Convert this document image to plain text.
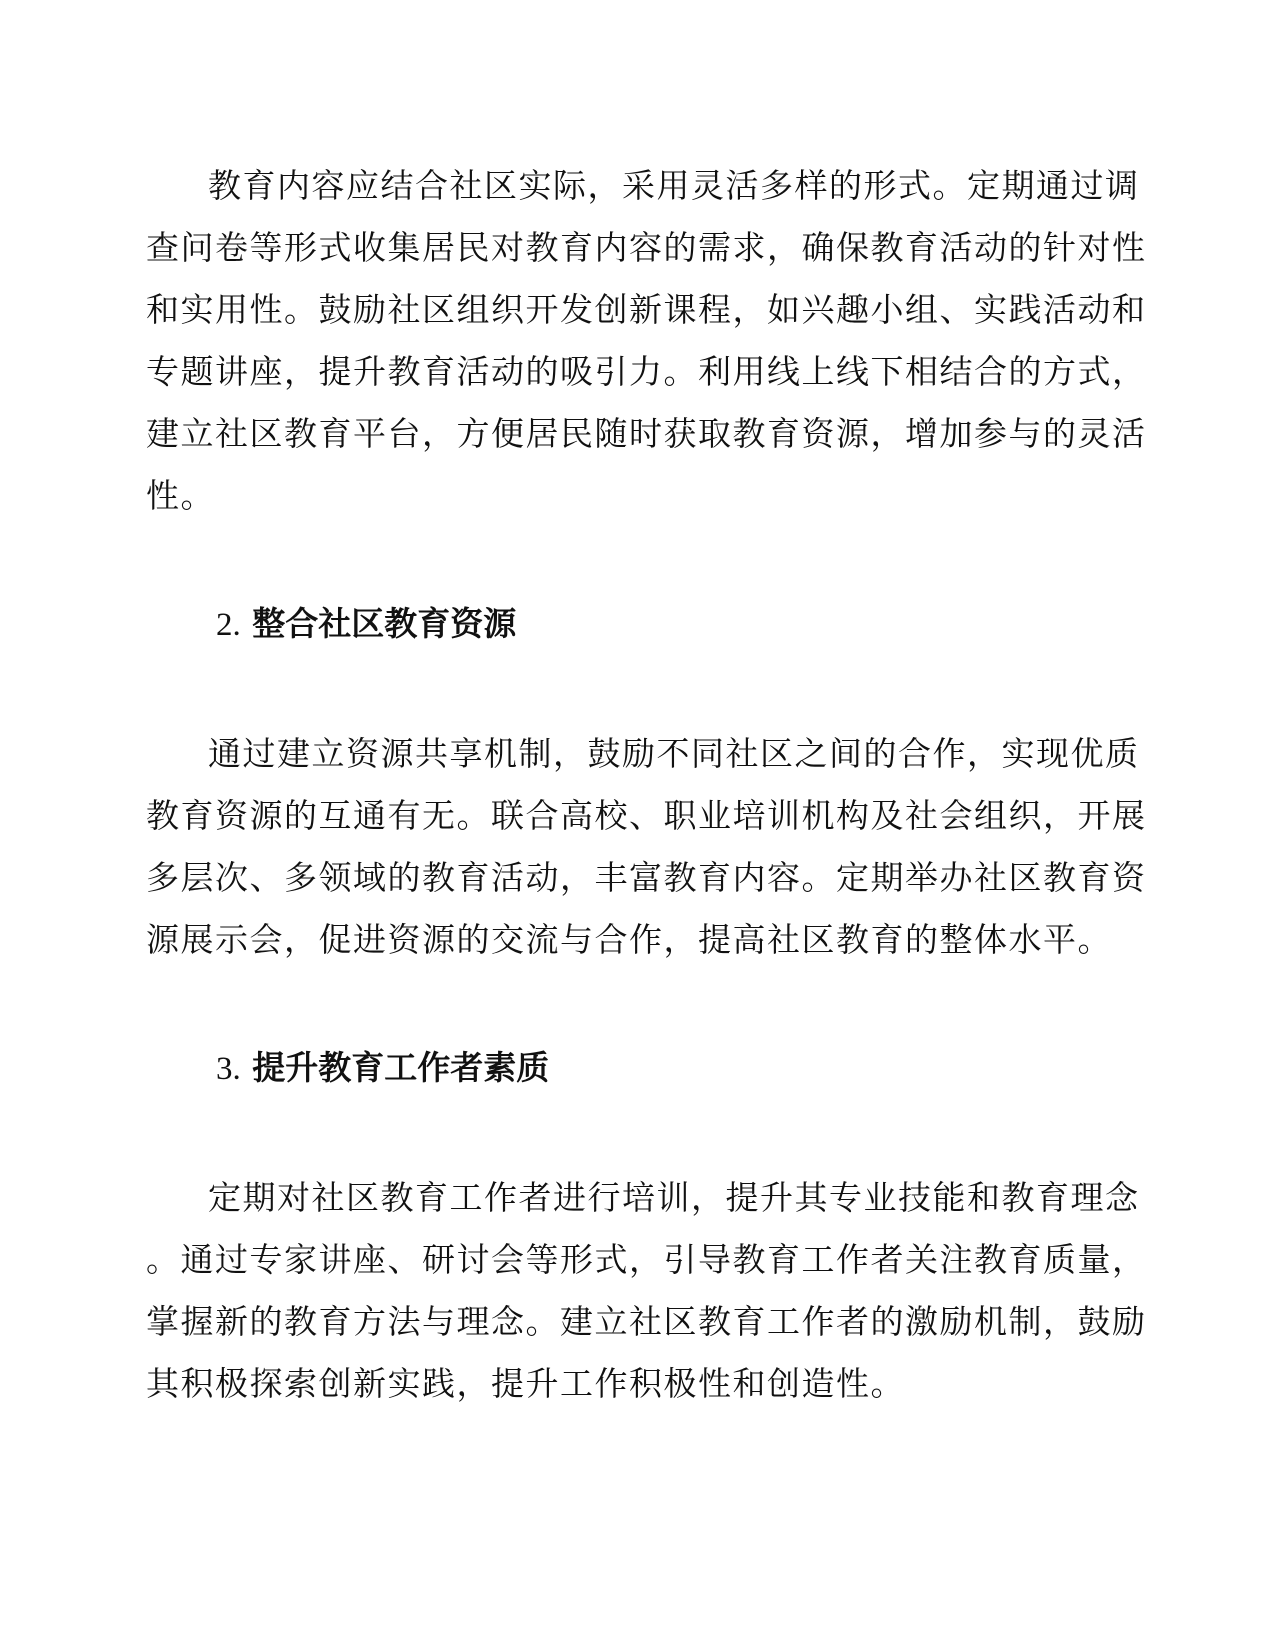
教育内容应结合社区实际，采用灵活多样的形式。定期通过调
查问卷等形式收集居民对教育内容的需求，确保教育活动的针对性
和实用性。鼓励社区组织开发创新课程，如兴趣小组、实践活动和
专题讲座，提升教育活动的吸引力。利用线上线下相结合的方式，
建立社区教育平台，方便居民随时获取教育资源，增加参与的灵活
性。
2. 整合社区教育资源
通过建立资源共享机制，鼓励不同社区之间的合作，实现优质
教育资源的互通有无。联合高校、职业培训机构及社会组织，开展
多层次、多领域的教育活动，丰富教育内容。定期举办社区教育资
源展示会，促进资源的交流与合作，提高社区教育的整体水平。
3. 提升教育工作者素质
定期对社区教育工作者进行培训，提升其专业技能和教育理念
。通过专家讲座、研讨会等形式，引导教育工作者关注教育质量，
掌握新的教育方法与理念。建立社区教育工作者的激励机制，鼓励
其积极探索创新实践，提升工作积极性和创造性。
